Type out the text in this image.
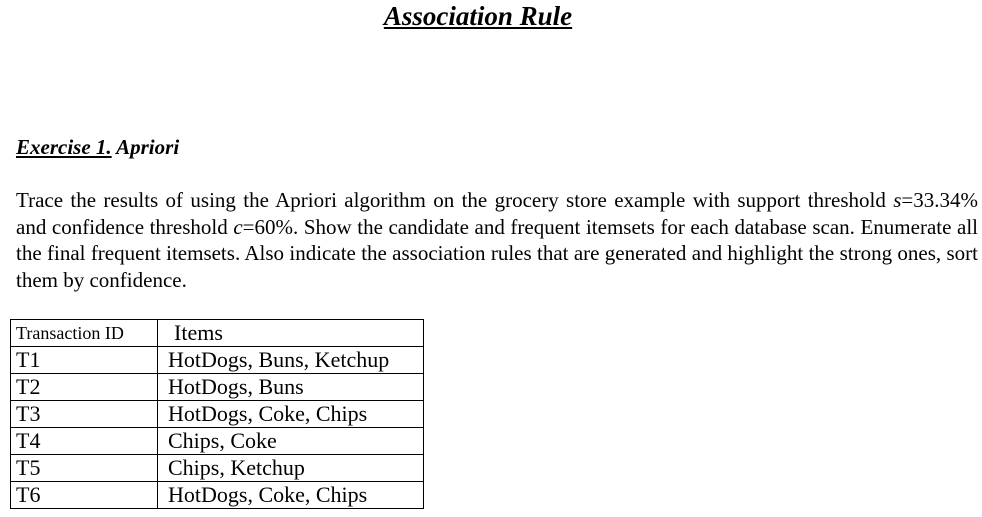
Association Rule
Exercise 1. Apriori
Trace the results of using the Apriori algorithm on the grocery store example with support threshold s=33.34% and confidence threshold c=60%. Show the candidate and frequent itemsets for each database scan. Enumerate all the final frequent itemsets. Also indicate the association rules that are generated and highlight the strong ones, sort them by confidence.
Transaction ID	Items
T1	HotDogs, Buns, Ketchup
T2	HotDogs, Buns
T3	HotDogs, Coke, Chips
T4	Chips, Coke
T5	Chips, Ketchup
T6	HotDogs, Coke, Chips
